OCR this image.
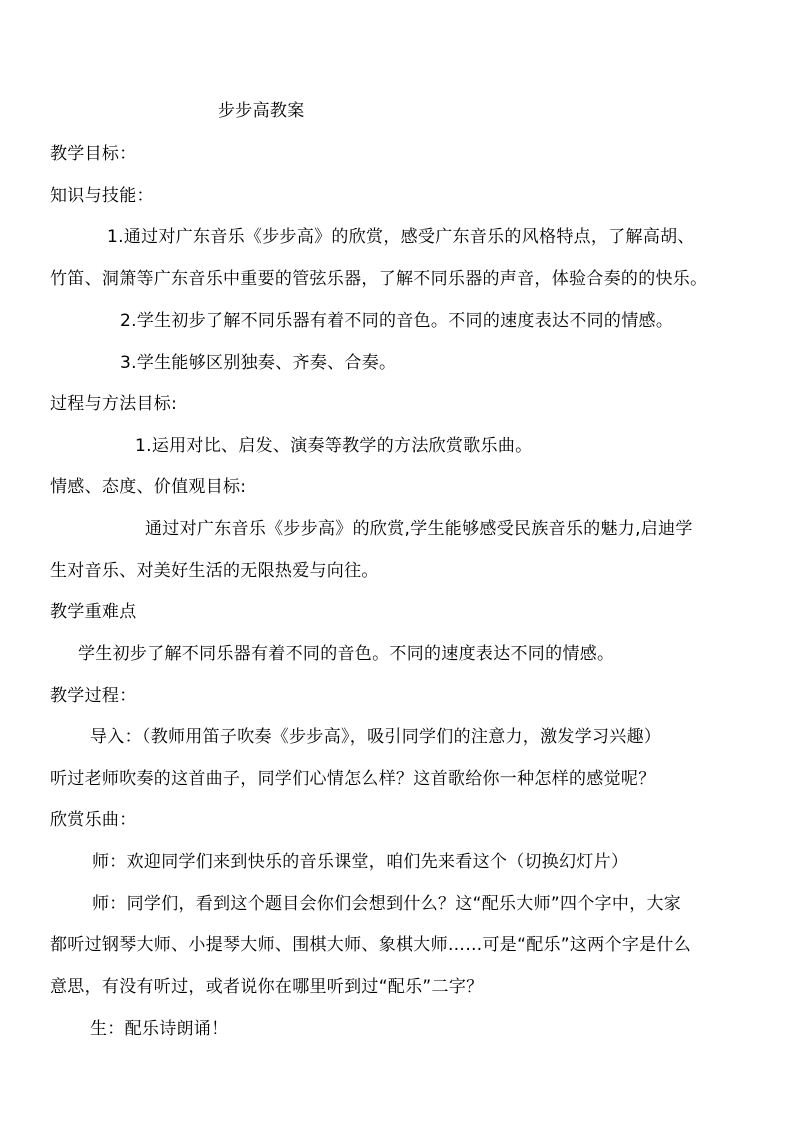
步步高教案
教学目标：
知识与技能：
1.通过对广东音乐《步步高》的欣赏，感受广东音乐的风格特点，了解高胡、
竹笛、洞箫等广东音乐中重要的管弦乐器，了解不同乐器的声音，体验合奏的的快乐。
2.学生初步了解不同乐器有着不同的音色。不同的速度表达不同的情感。
3.学生能够区别独奏、齐奏、合奏。
过程与方法目标:
1.运用对比、启发、演奏等教学的方法欣赏歌乐曲。
情感、态度、价值观目标:
通过对广东音乐《步步高》的欣赏,学生能够感受民族音乐的魅力,启迪学
生对音乐、对美好生活的无限热爱与向往。
教学重难点
学生初步了解不同乐器有着不同的音色。不同的速度表达不同的情感。
教学过程：
导入：（教师用笛子吹奏《步步高》，吸引同学们的注意力，激发学习兴趣）
听过老师吹奏的这首曲子，同学们心情怎么样？这首歌给你一种怎样的感觉呢？
欣赏乐曲：
师：欢迎同学们来到快乐的音乐课堂，咱们先来看这个（切换幻灯片）
师：同学们，看到这个题目会你们会想到什么？这“配乐大师”四个字中，大家
都听过钢琴大师、小提琴大师、围棋大师、象棋大师……可是“配乐”这两个字是什么
意思，有没有听过，或者说你在哪里听到过“配乐”二字？
生：配乐诗朗诵！
